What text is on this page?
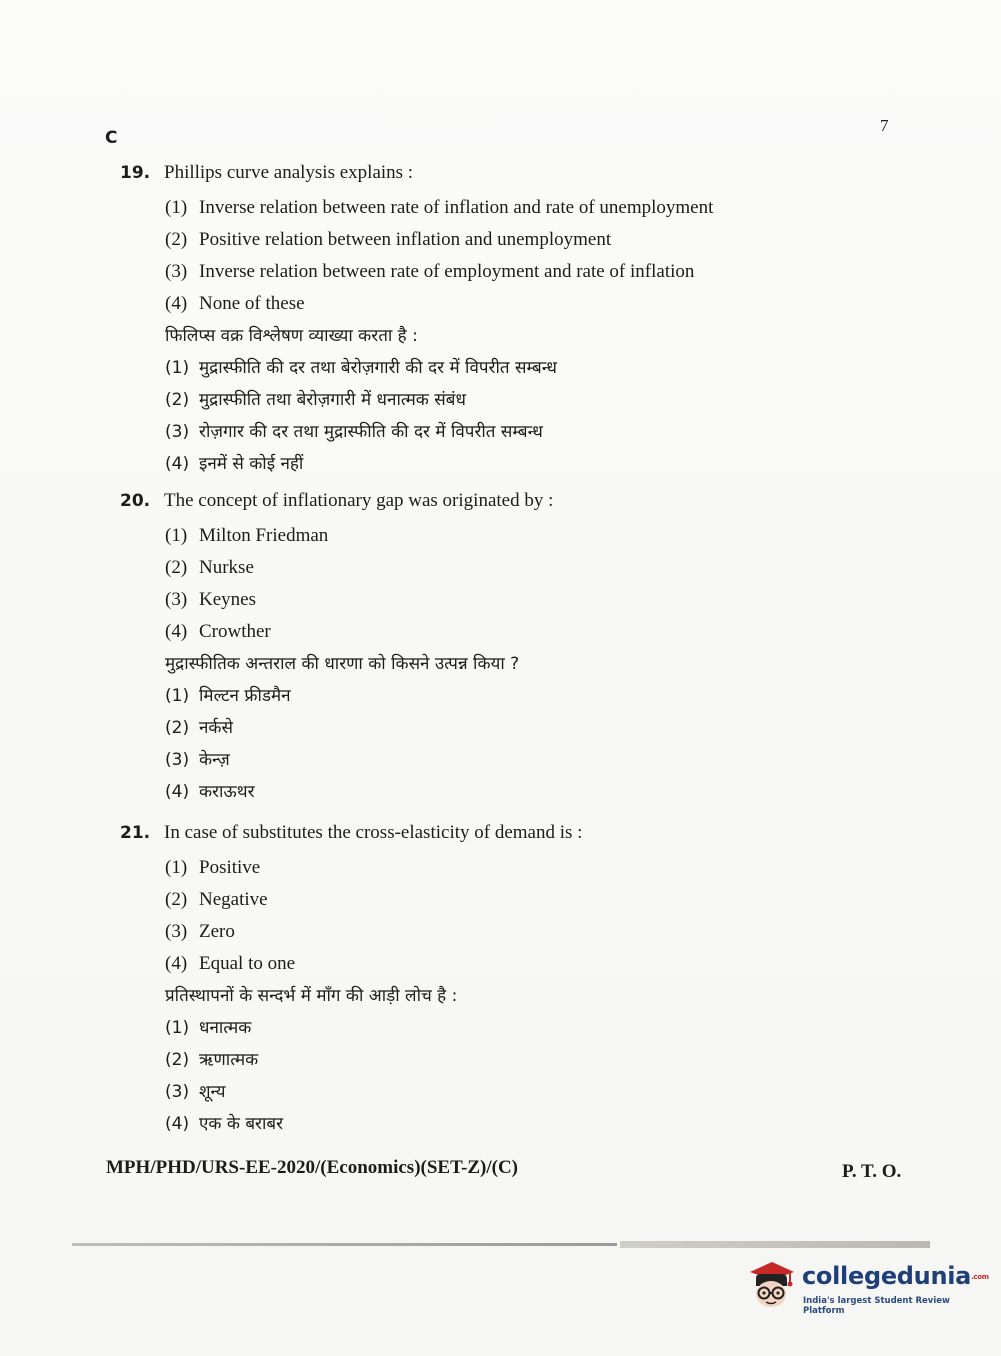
C
7
19. Phillips curve analysis explains :
(1) Inverse relation between rate of inflation and rate of unemployment
(2) Positive relation between inflation and unemployment
(3) Inverse relation between rate of employment and rate of inflation
(4) None of these
फिलिप्स वक्र विश्लेषण व्याख्या करता है :
(1) मुद्रास्फीति की दर तथा बेरोज़गारी की दर में विपरीत सम्बन्ध
(2) मुद्रास्फीति तथा बेरोज़गारी में धनात्मक संबंध
(3) रोज़गार की दर तथा मुद्रास्फीति की दर में विपरीत सम्बन्ध
(4) इनमें से कोई नहीं
20. The concept of inflationary gap was originated by :
(1) Milton Friedman
(2) Nurkse
(3) Keynes
(4) Crowther
मुद्रास्फीतिक अन्तराल की धारणा को किसने उत्पन्न किया ?
(1) मिल्टन फ्रीडमैन
(2) नर्कसे
(3) केन्ज़
(4) कराऊथर
21. In case of substitutes the cross-elasticity of demand is :
(1) Positive
(2) Negative
(3) Zero
(4) Equal to one
प्रतिस्थापनों के सन्दर्भ में माँग की आड़ी लोच है :
(1) धनात्मक
(2) ऋणात्मक
(3) शून्य
(4) एक के बराबर
MPH/PHD/URS-EE-2020/(Economics)(SET-Z)/(C)	P. T. O.
collegedunia.com
India's largest Student Review Platform
